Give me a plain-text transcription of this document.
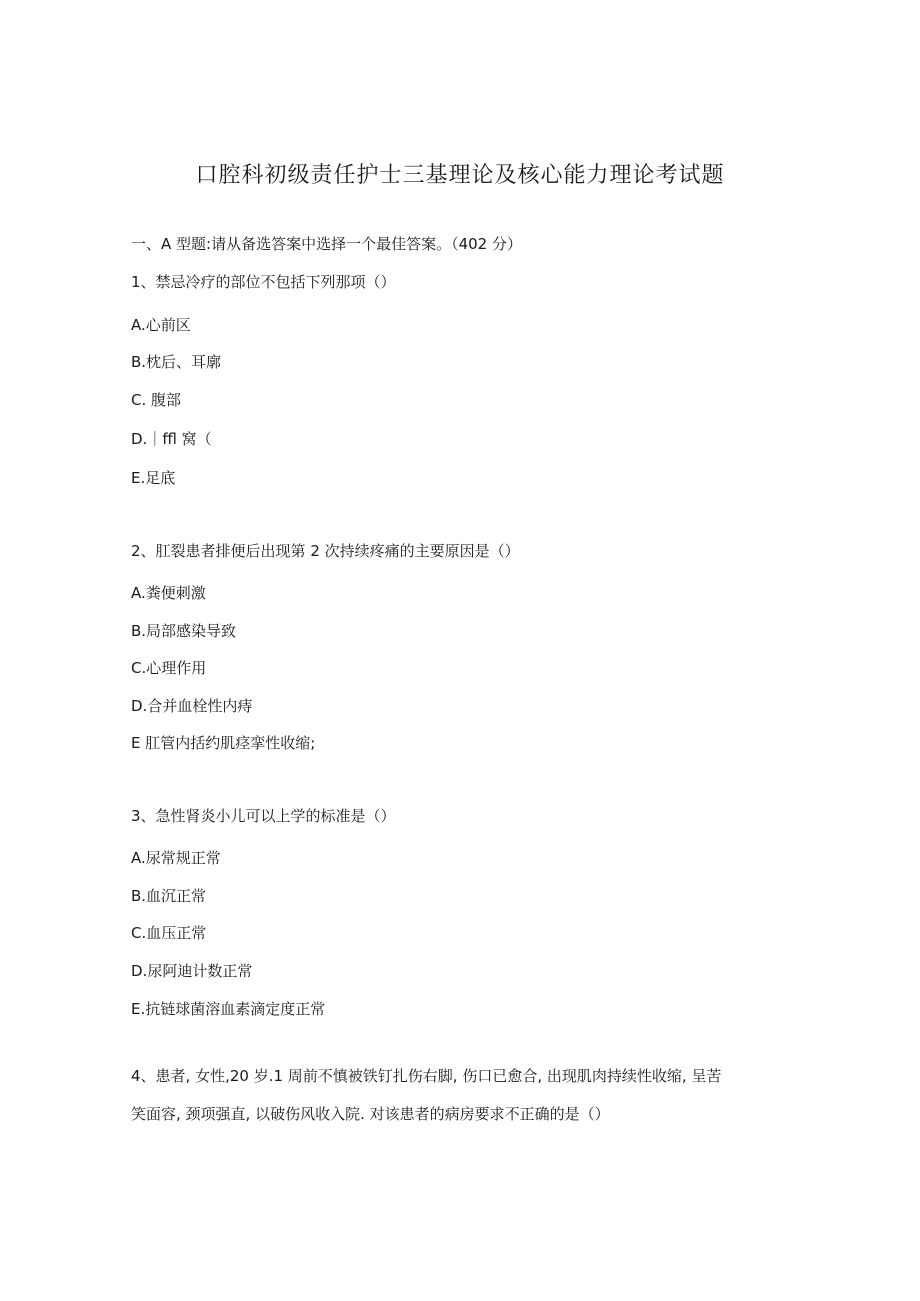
口腔科初级责任护士三基理论及核心能力理论考试题
一、A 型题:请从备选答案中选择一个最佳答案。（402 分）
1、禁忌冷疗的部位不包括下列那项（）
A.心前区
B.枕后、耳廓
C. 腹部
D.｜ffl 窝（
E.足底
2、肛裂患者排便后出现第 2 次持续疼痛的主要原因是（）
A.粪便刺激
B.局部感染导致
C.心理作用
D.合并血栓性内痔
E 肛管内括约肌痉挛性收缩;
3、急性肾炎小儿可以上学的标准是（）
A.尿常规正常
B.血沉正常
C.血压正常
D.尿阿迪计数正常
E.抗链球菌溶血素滴定度正常
4、患者, 女性,20 岁.1 周前不慎被铁钉扎伤右脚, 伤口已愈合, 出现肌肉持续性收缩, 呈苦
笑面容, 颈项强直, 以破伤风收入院. 对该患者的病房要求不正确的是（）
